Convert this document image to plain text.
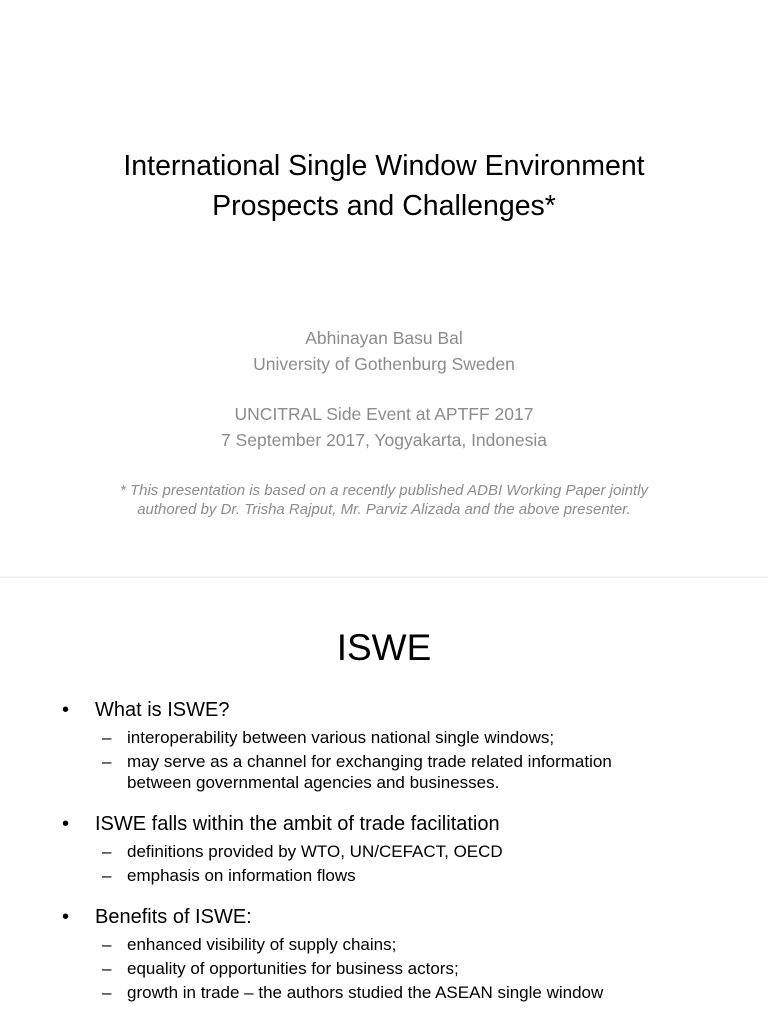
International Single Window Environment
Prospects and Challenges*
Abhinayan Basu Bal
University of Gothenburg Sweden
UNCITRAL Side Event at APTFF 2017
7 September 2017, Yogyakarta, Indonesia
* This presentation is based on a recently published ADBI Working Paper jointly
authored by Dr. Trisha Rajput, Mr. Parviz Alizada and the above presenter.
ISWE
• What is ISWE?
– interoperability between various national single windows;
– may serve as a channel for exchanging trade related information
between governmental agencies and businesses.
• ISWE falls within the ambit of trade facilitation
– definitions provided by WTO, UN/CEFACT, OECD
– emphasis on information flows
• Benefits of ISWE:
– enhanced visibility of supply chains;
– equality of opportunities for business actors;
– growth in trade – the authors studied the ASEAN single window
